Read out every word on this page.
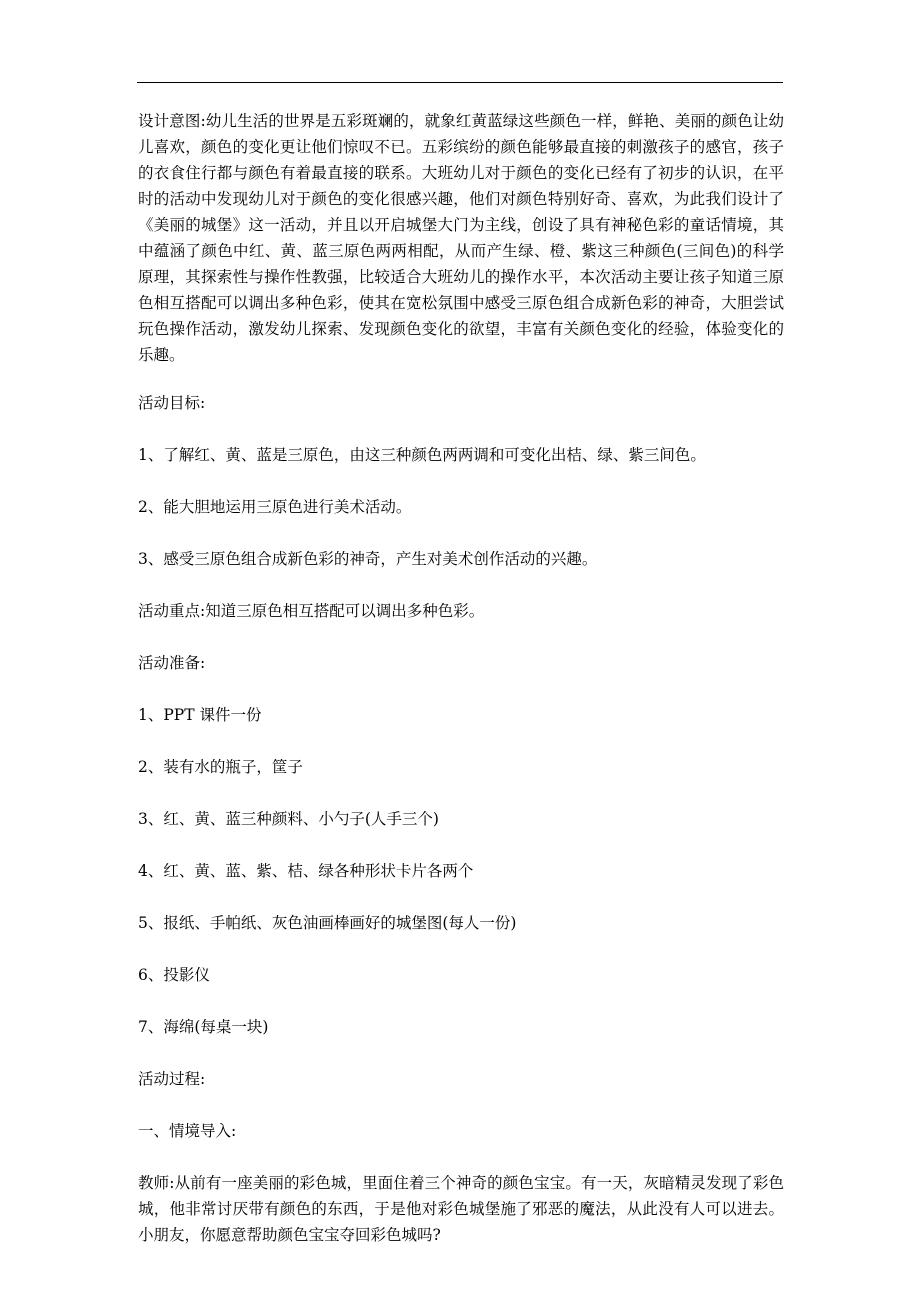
设计意图:幼儿生活的世界是五彩斑斓的，就象红黄蓝绿这些颜色一样，鲜艳、美丽的颜色让幼儿喜欢，颜色的变化更让他们惊叹不已。五彩缤纷的颜色能够最直接的刺激孩子的感官，孩子的衣食住行都与颜色有着最直接的联系。大班幼儿对于颜色的变化已经有了初步的认识，在平时的活动中发现幼儿对于颜色的变化很感兴趣，他们对颜色特别好奇、喜欢，为此我们设计了《美丽的城堡》这一活动，并且以开启城堡大门为主线，创设了具有神秘色彩的童话情境，其中蕴涵了颜色中红、黄、蓝三原色两两相配，从而产生绿、橙、紫这三种颜色(三间色)的科学原理，其探索性与操作性教强，比较适合大班幼儿的操作水平，本次活动主要让孩子知道三原色相互搭配可以调出多种色彩，使其在宽松氛围中感受三原色组合成新色彩的神奇，大胆尝试玩色操作活动，激发幼儿探索、发现颜色变化的欲望，丰富有关颜色变化的经验，体验变化的乐趣。

活动目标:

1、了解红、黄、蓝是三原色，由这三种颜色两两调和可变化出桔、绿、紫三间色。

2、能大胆地运用三原色进行美术活动。

3、感受三原色组合成新色彩的神奇，产生对美术创作活动的兴趣。

活动重点:知道三原色相互搭配可以调出多种色彩。

活动准备:

1、PPT 课件一份

2、装有水的瓶子，筐子

3、红、黄、蓝三种颜料、小勺子(人手三个)

4、红、黄、蓝、紫、桔、绿各种形状卡片各两个

5、报纸、手帕纸、灰色油画棒画好的城堡图(每人一份)

6、投影仪

7、海绵(每桌一块)

活动过程:

一、情境导入:

教师:从前有一座美丽的彩色城，里面住着三个神奇的颜色宝宝。有一天，灰暗精灵发现了彩色城，他非常讨厌带有颜色的东西，于是他对彩色城堡施了邪恶的魔法，从此没有人可以进去。小朋友，你愿意帮助颜色宝宝夺回彩色城吗?
